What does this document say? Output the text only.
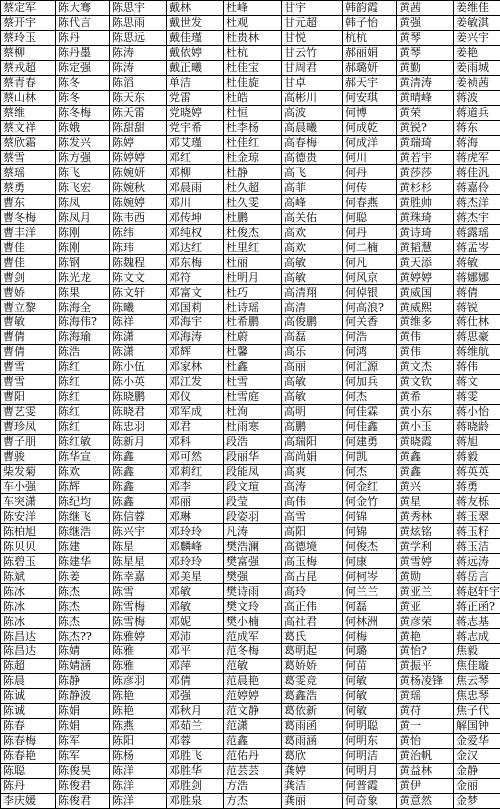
蔡定军	陈大骞	陈思宇	戴林	杜峰	甘宇	韩韵霞	黄茜	姜维佳
蔡开宇	陈代言	陈思雨	戴世发	杜观	甘元超	韩子怡	黄强	姜敏淇
蔡玲玉	陈丹	陈思远	戴佳瑾	杜贵林	甘悦	杭杭	黄琴	姜兴宇
蔡柳	陈丹墨	陈涛	戴依婷	杜杭	甘云竹	郝丽娟	黄琴	姜艳
蔡戎超	陈定强	陈涛	戴正曦	杜佳宝	甘周君	郝璐妍	黄勤	姜雨城
蔡青春	陈冬	陈滔	单洁	杜佳旋	甘卓	郝天宇	黄清涛	姜祯茜
蔡山林	陈冬	陈天东	党雷	杜皓	高彬川	何安琪	黄晴峰	蒋波
蔡维	陈冬梅	陈天雷	党晓婷	杜恒	高波	何博	黄荣	蒋道兵
蔡文祥	陈娥	陈甜甜	党宇希	杜李杨	高晨曦	何成乾	黄锐?	蒋东
蔡欣霜	陈发兴	陈婷	邓艾瑾	杜佳红	高春梅	何成洋	黄瑞琦	蒋海
蔡雪	陈方强	陈婷婷	邓红	杜金琼	高德贵	何川	黄若宇	蒋虎军
蔡瑶	陈飞	陈婉妍	邓柳	杜静	高飞	何丹	黄莎莎	蒋佳汎
蔡勇	陈飞宏	陈婉秋	邓晨雨	杜久超	高菲	何传	黄杉杉	蒋嘉伶
曹东	陈凤	陈婉婷	邓川	杜久雯	高峰	何春燕	黄胜帅	蒋杰洋
曹冬梅	陈凤月	陈韦西	邓传坤	杜鹏	高关佑	何聪	黄珠琦	蒋杰宇
曹丰洋	陈刚	陈纬	邓纯权	杜俊杰	高欢	何丹	黄诗琦	蒋露瑶
曹佳	陈刚	陈玮	邓达红	杜里红	高欢	何二楠	黄韬慧	蒋孟岑
曹佳	陈钢	陈魏程	邓东梅	杜丽	高敏	何凡	黄天添	蒋敏
曹剑	陈光龙	陈文文	邓符	杜明月	高敏	何风京	黄婷婷	蒋娜娜
曹娇	陈果	陈文轩	邓富文	杜巧	高清翔	何倬银	黄威国	蒋倩
曹立黎	陈海全	陈曦	邓国莉	杜诗瑶	高清	何高浪?	黄威熙	蒋锐
曹敏	陈海伟?	陈祥	邓海宇	杜希鹏	高俊鹏	何关香	黄维多	蒋仕林
曹倩	陈海瑜	陈潇	邓海涛	杜蔚	高磊	何浩	黄伟	蒋思豪
曹倩	陈浩	陈潇	邓辉	杜馨	高乐	何鸿	黄伟	蒋维航
曹雪	陈红	陈小伍	邓家林	杜鑫	高丽	何汇源	黄文杰	蒋伟
曹雪	陈红	陈小英	邓江发	杜雪	高敏	何加兵	黄文钦	蒋文
曹阳	陈红	陈晓鹏	邓仪	杜雪庭	高敏	何杰	黄希	蒋雯
曹艺雯	陈红	陈晓君	邓军成	杜洵	高明	何佳霖	黄小东	蒋小怡
曹珍凤	陈红	陈忠羽	邓君	杜雨寒	高鹏	何佳鑫	黄小玉	蒋晓龄
曹子朋	陈红敏	陈新月	邓科	段浩	高瑞阳	何建勇	黄晓霞	蒋旭
曹骏	陈华宣	陈鑫	邓可然	段丽华	高尚娟	何凯	黄鑫	蒋毅
柴发菊	陈欢	陈鑫	邓莉红	段能凤	高爽	何杰	黄鑫	蒋英英
车小强	陈辉	陈鑫	邓李	段文瑄	高涛	何金红	黄兴	蒋勇
车突潇	陈纪均	陈鑫	邓丽	段莹	高伟	何金竹	黄星	蒋友栎
陈安洋	陈继飞	陈信蓉	邓琳	段姿羽	高雪	何锦	黄秀林	蒋玉翠
陈柏旭	陈继浩	陈兴宇	邓玲玲	凡涛	高阳	何锦	黄炫铭	蒋玉籽
陈贝贝	陈建	陈星	邓麟峰	樊浩澜	高德境	何俊杰	黄学利	蒋玉洁
陈碧玉	陈建华	陈星星	邓玲玲	樊富强	高玉梅	何康	黄雪婷	蒋远涛
陈斌	陈姜	陈幸嘉	邓美星	樊强	高占昆	何柯岑	黄勋	蒋岳言
陈冰	陈杰	陈雪	邓敏	樊诗雨	高玲	何兰兰	黄亚兰	蒋赵轩宇
陈冰	陈杰	陈雪梅	邓敏	樊文玲	高正伟	何磊	黄亚	蒋正函?
陈冰	陈杰	陈雪梅	邓妮	樊小楠	高社君	何林洲	黄彦荣	蒋志基
陈昌达	陈杰??	陈雅婷	邓沛	范成军	葛氏	何梅	黄艳	蒋志成
陈昌达	陈婧	陈雅	邓平	范冬梅	葛明起	何璐	黄怡?	焦毅
陈超	陈婧涵	陈雅	邓萍	范敏	葛娇娇	何苗	黄振平	焦佳璇
陈晨	陈静	陈彦羽	邓倩	范晨艳	葛雯竞	何敏	黄杨凌锋	焦云琴
陈诚	陈静波	陈艳	邓强	范婷婷	葛鑫浩	何敏	黄瑶	焦忠琴
陈诚	陈娟	陈艳	邓秋月	范文静	葛依新	何敏	黄苻	焦子代
陈春	陈娟	陈燕	邓茹兰	范潇	葛雨函	何明聪	黄一	解国钟
陈春梅	陈军	陈阳	邓蓉	范鑫	葛雨涵	何明东	黄怡	金爱华
陈春艳	陈军	陈杨	邓胜飞	范佑丹	葛欣	何明洁	黄治帆	金汉
陈聪	陈俊昊	陈洋	邓胜华	范芸芸	龚婷	何明月	黄益林	金静
陈丹	陈俊君	陈洋	邓胜剑	方浩	龚洁	何普霞	黄伊	金丽
李庆媛	陈俊君	陈洋	邓胜泉	方杰	龚丽	何奇象	黄意然	金梦
